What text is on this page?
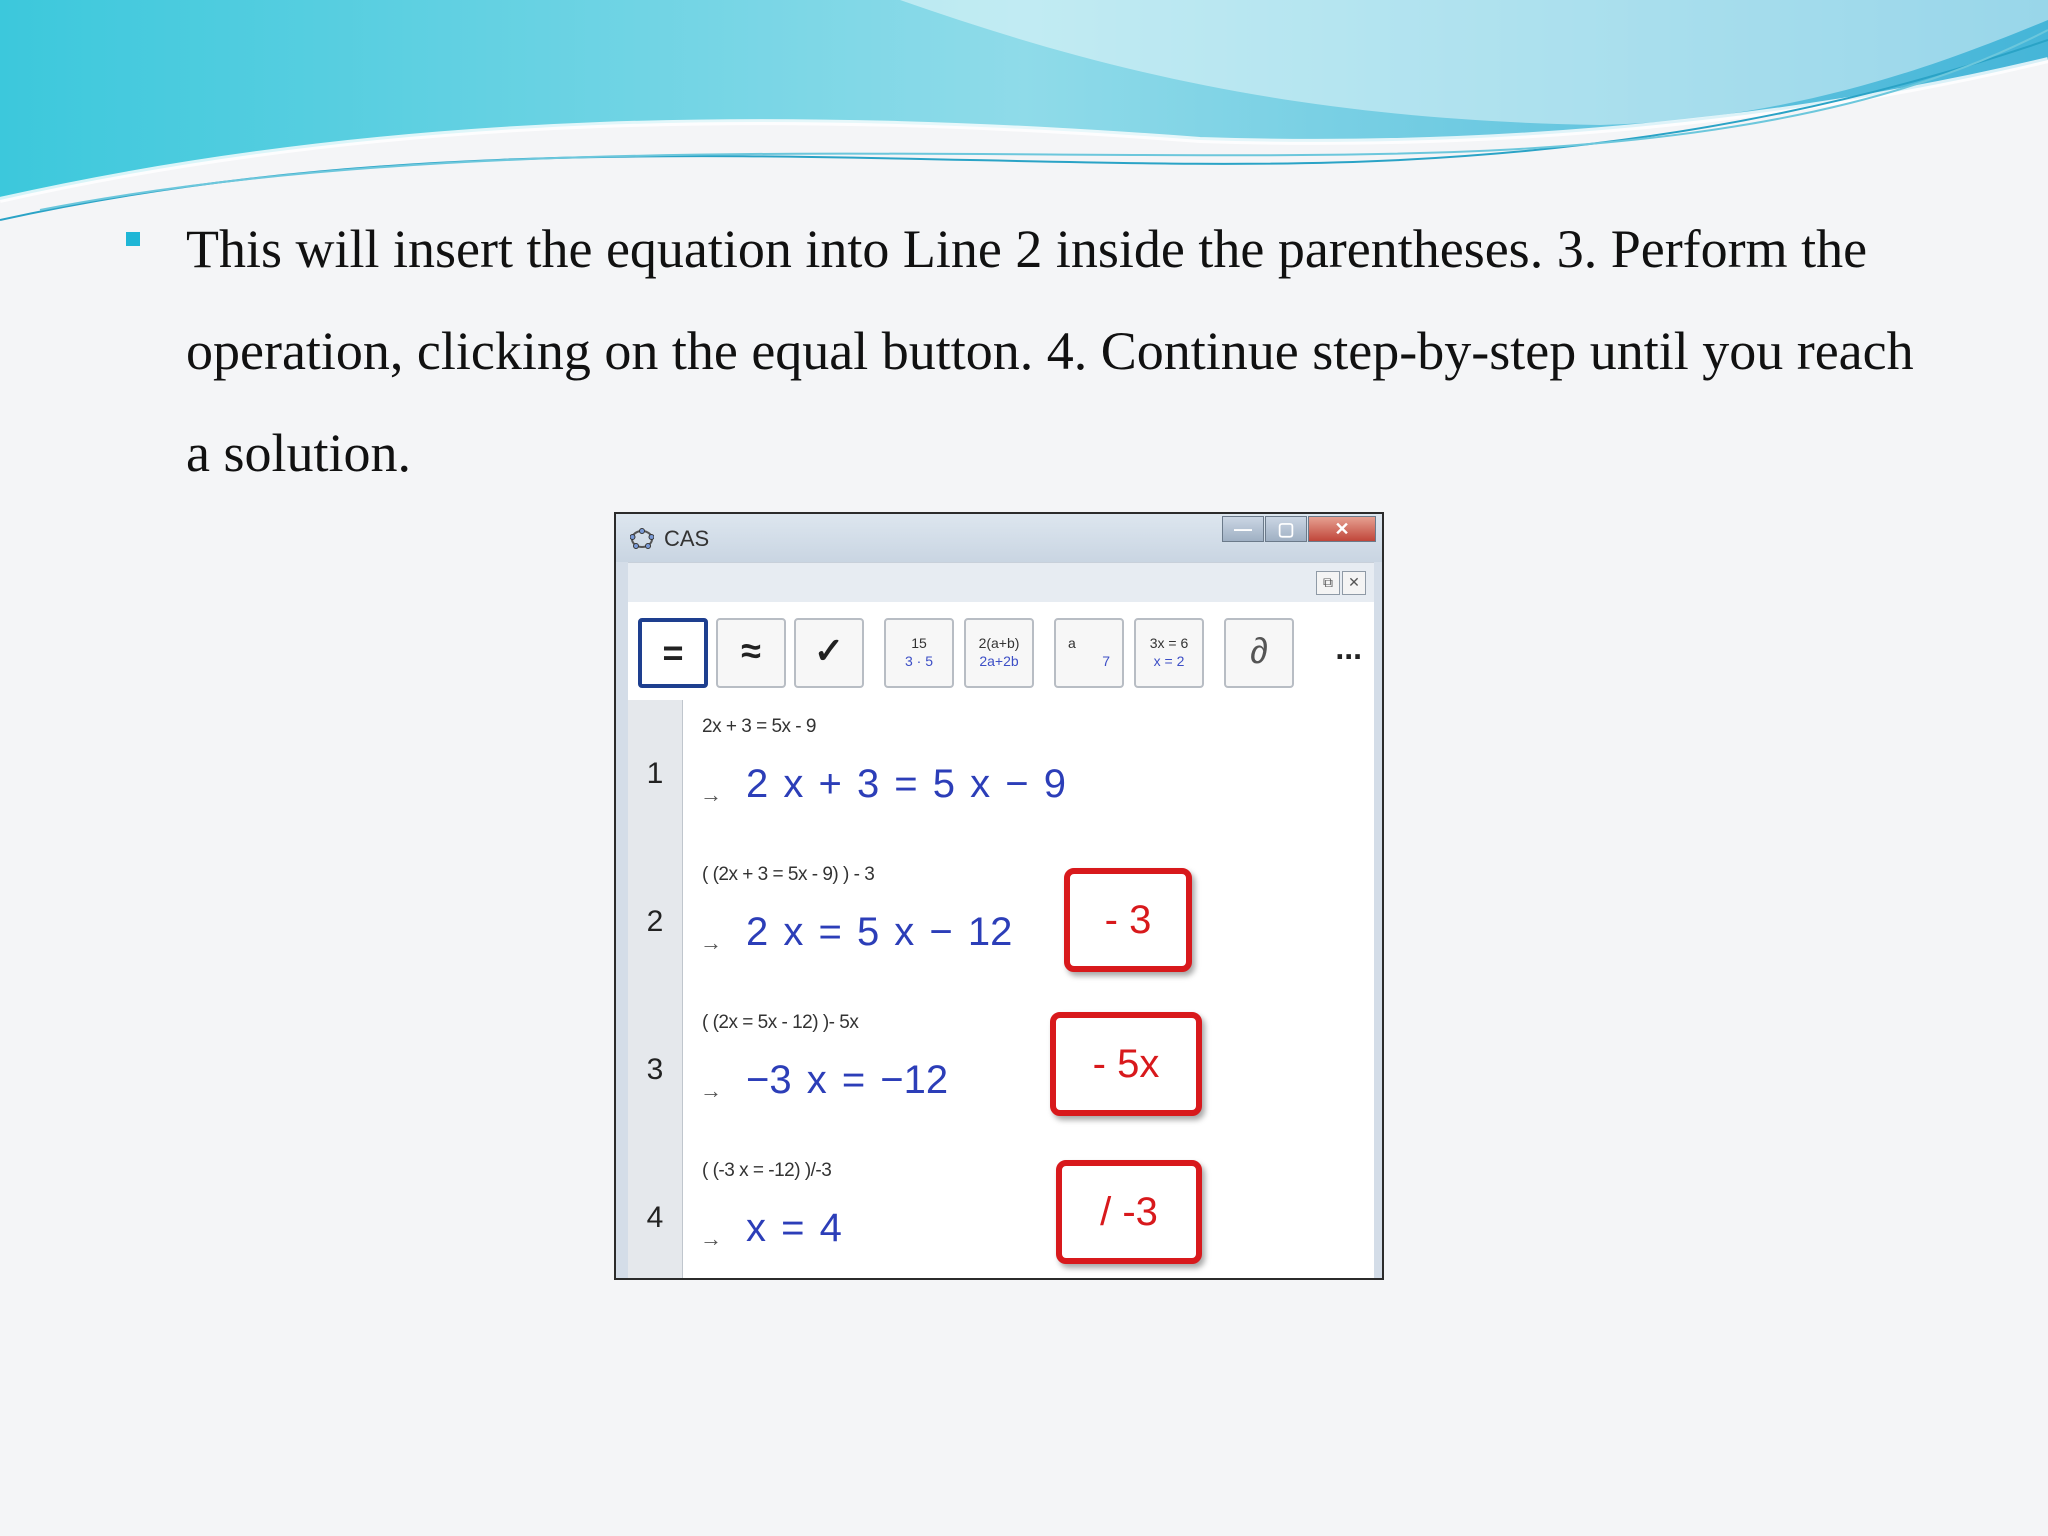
This will insert the equation into Line 2 inside the parentheses. 3. Perform the operation, clicking on the equal button. 4. Continue step-by-step until you reach a solution.
CAS	—	▢	✕
⧉	✕
=	≈	✓	15
3 · 5
2(a+b)
2a+2b
a
7
3x = 6
x = 2	∂	...
1
2x + 3 = 5x - 9
→ 2 x + 3 = 5 x − 9
2
( (2x + 3 = 5x - 9) ) - 3
→ 2 x = 5 x − 12	- 3
3
( (2x = 5x - 12) )- 5x
→ −3 x = −12	- 5x
4
( (-3 x = -12) )/-3
→ x = 4	/ -3
